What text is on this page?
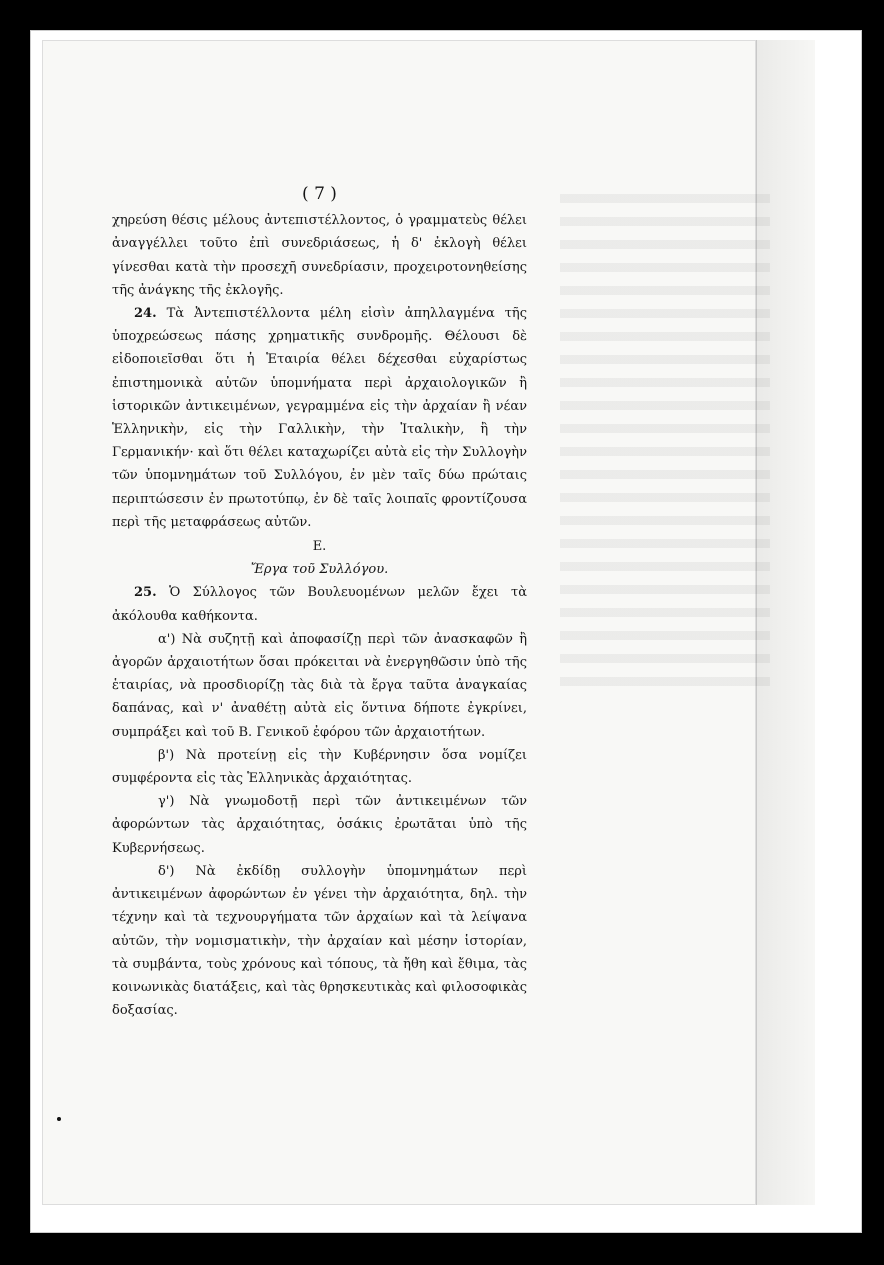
( 7 )

χηρεύση θέσις μέλους ἀντεπιστέλλοντος, ὁ γραμματεὺς θέλει ἀναγγέλλει τοῦτο ἐπὶ συνεδριάσεως, ἡ δ' ἐκλογὴ θέλει γίνεσθαι κατὰ τὴν προσεχῆ συνεδρίασιν, προχειροτονηθείσης τῆς ἀνάγκης τῆς ἐκλογῆς.

24. Τὰ Ἀντεπιστέλλοντα μέλη εἰσὶν ἀπηλλαγμένα τῆς ὑποχρεώσεως πάσης χρηματικῆς συνδρομῆς. Θέλουσι δὲ εἰδοποιεῖσθαι ὅτι ἡ Ἑταιρία θέλει δέχεσθαι εὐχαρίστως ἐπιστημονικὰ αὐτῶν ὑπομνήματα περὶ ἀρχαιολογικῶν ἢ ἱστορικῶν ἀντικειμένων, γεγραμμένα εἰς τὴν ἀρχαίαν ἢ νέαν Ἑλληνικὴν, εἰς τὴν Γαλλικὴν, τὴν Ἰταλικὴν, ἢ τὴν Γερμανικήν· καὶ ὅτι θέλει καταχωρίζει αὐτὰ εἰς τὴν Συλλογὴν τῶν ὑπομνημάτων τοῦ Συλλόγου, ἐν μὲν ταῖς δύω πρώταις περιπτώσεσιν ἐν πρωτοτύπῳ, ἐν δὲ ταῖς λοιπαῖς φροντίζουσα περὶ τῆς μεταφράσεως αὐτῶν.

Ε.
Ἔργα τοῦ Συλλόγου.

25. Ὁ Σύλλογος τῶν Βουλευομένων μελῶν ἔχει τὰ ἀκόλουθα καθήκοντα.

α') Νὰ συζητῇ καὶ ἀποφασίζῃ περὶ τῶν ἀνασκαφῶν ἢ ἀγορῶν ἀρχαιοτήτων ὅσαι πρόκειται νὰ ἐνεργηθῶσιν ὑπὸ τῆς ἑταιρίας, νὰ προσδιορίζῃ τὰς διὰ τὰ ἔργα ταῦτα ἀναγκαίας δαπάνας, καὶ ν' ἀναθέτῃ αὐτὰ εἰς ὅντινα δήποτε ἐγκρίνει, συμπράξει καὶ τοῦ Β. Γενικοῦ ἐφόρου τῶν ἀρχαιοτήτων.

β') Νὰ προτείνῃ εἰς τὴν Κυβέρνησιν ὅσα νομίζει συμφέροντα εἰς τὰς Ἑλληνικὰς ἀρχαιότητας.

γ') Νὰ γνωμοδοτῇ περὶ τῶν ἀντικειμένων τῶν ἀφορώντων τὰς ἀρχαιότητας, ὁσάκις ἐρωτᾶται ὑπὸ τῆς Κυβερνήσεως.

δ') Νὰ ἐκδίδῃ συλλογὴν ὑπομνημάτων περὶ ἀντικειμένων ἀφορώντων ἐν γένει τὴν ἀρχαιότητα, δηλ. τὴν τέχνην καὶ τὰ τεχνουργήματα τῶν ἀρχαίων καὶ τὰ λείψανα αὐτῶν, τὴν νομισματικὴν, τὴν ἀρχαίαν καὶ μέσην ἱστορίαν, τὰ συμβάντα, τοὺς χρόνους καὶ τόπους, τὰ ἤθη καὶ ἔθιμα, τὰς κοινωνικὰς διατάξεις, καὶ τὰς θρησκευτικὰς καὶ φιλοσοφικὰς δοξασίας.
